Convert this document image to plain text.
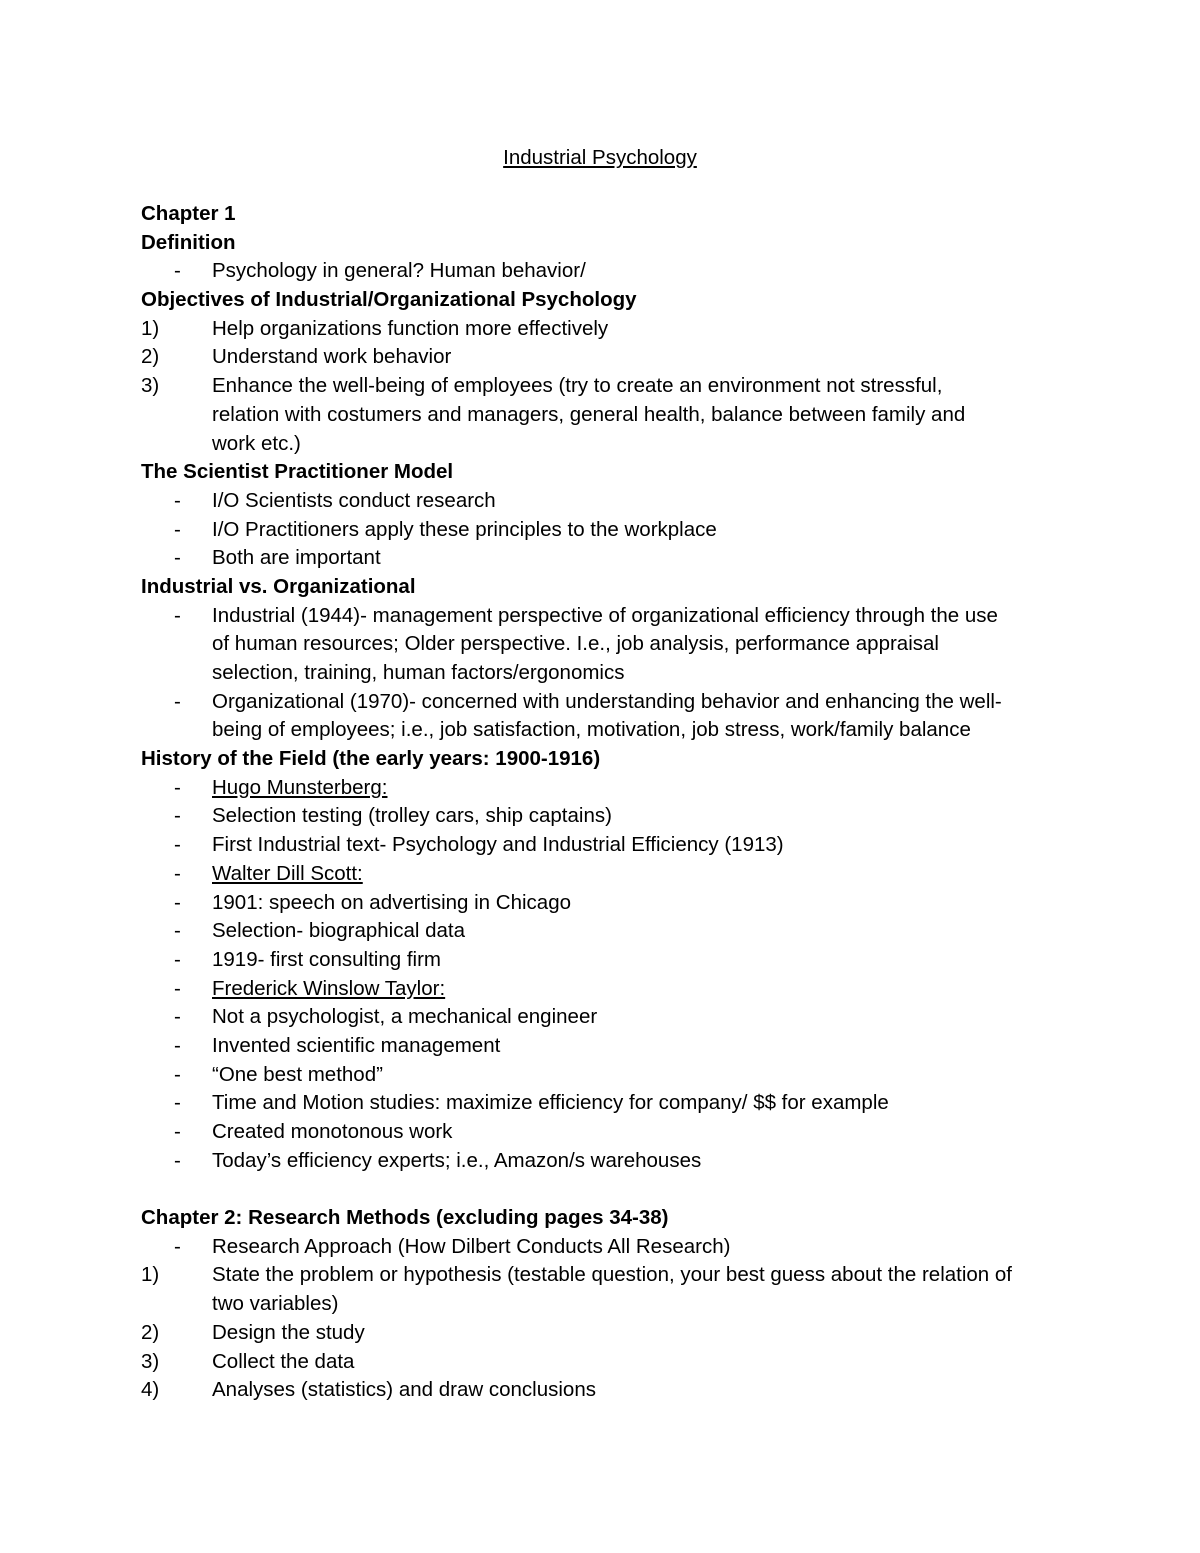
Industrial Psychology
Chapter 1
Definition
-	Psychology in general? Human behavior/
Objectives of Industrial/Organizational Psychology
1)	Help organizations function more effectively
2)	Understand work behavior
3)	Enhance the well-being of employees (try to create an environment not stressful,
relation with costumers and managers, general health, balance between family and
work etc.)
The Scientist Practitioner Model
-	I/O Scientists conduct research
-	I/O Practitioners apply these principles to the workplace
-	Both are important
Industrial vs. Organizational
-	Industrial (1944)- management perspective of organizational efficiency through the use
of human resources; Older perspective. I.e., job analysis, performance appraisal
selection, training, human factors/ergonomics
-	Organizational (1970)- concerned with understanding behavior and enhancing the well-
being of employees; i.e., job satisfaction, motivation, job stress, work/family balance
History of the Field (the early years: 1900-1916)
-	Hugo Munsterberg:
-	Selection testing (trolley cars, ship captains)
-	First Industrial text- Psychology and Industrial Efficiency (1913)
-	Walter Dill Scott:
-	1901: speech on advertising in Chicago
-	Selection- biographical data
-	1919- first consulting firm
-	Frederick Winslow Taylor:
-	Not a psychologist, a mechanical engineer
-	Invented scientific management
-	“One best method”
-	Time and Motion studies: maximize efficiency for company/ $$ for example
-	Created monotonous work
-	Today’s efficiency experts; i.e., Amazon/s warehouses
Chapter 2: Research Methods (excluding pages 34-38)
-	Research Approach (How Dilbert Conducts All Research)
1)	State the problem or hypothesis (testable question, your best guess about the relation of
two variables)
2)	Design the study
3)	Collect the data
4)	Analyses (statistics) and draw conclusions
